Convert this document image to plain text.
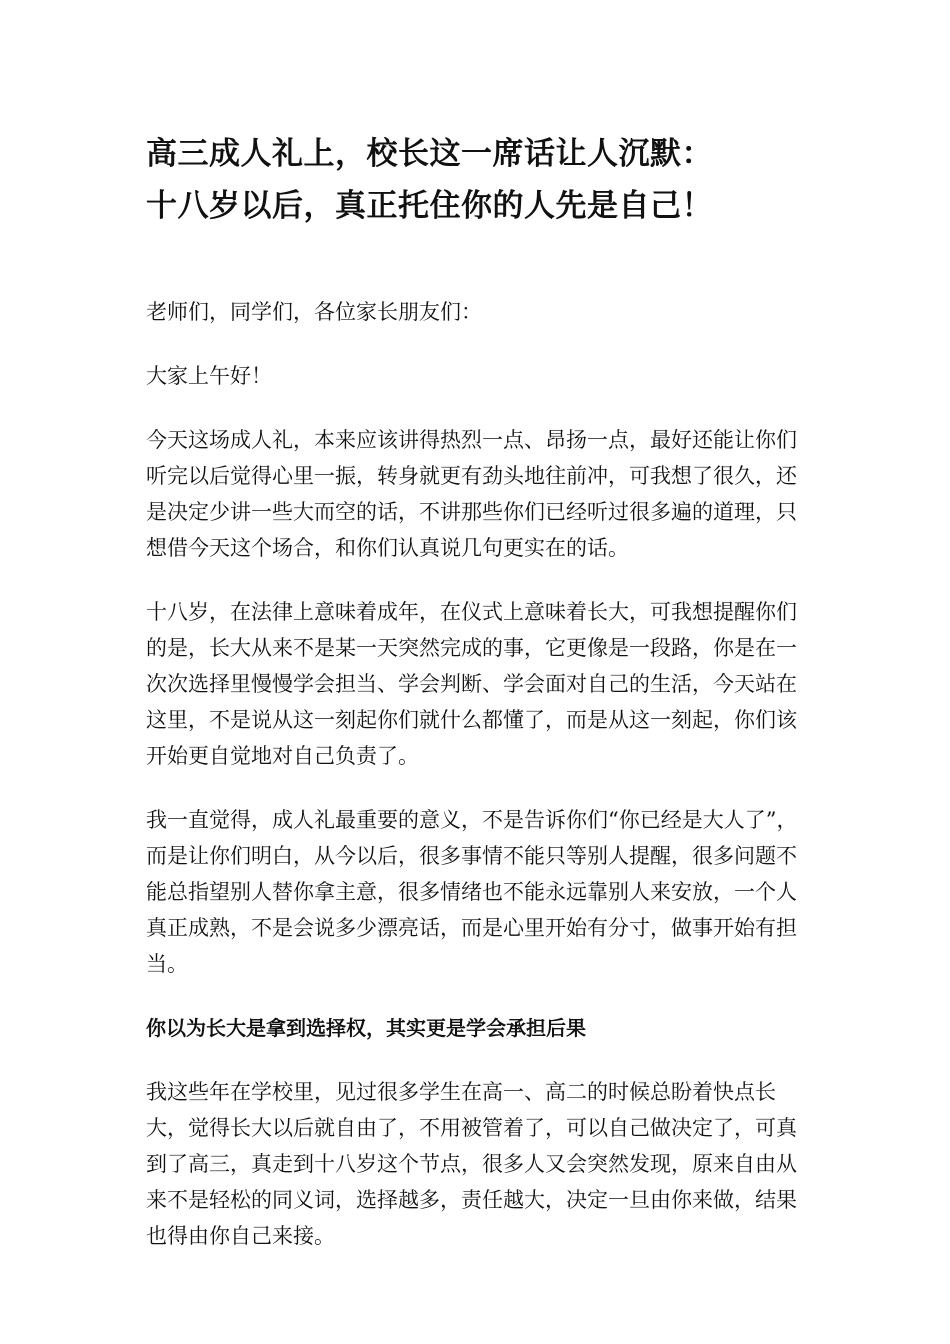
高三成人礼上，校长这一席话让人沉默：
十八岁以后，真正托住你的人先是自己！

老师们，同学们，各位家长朋友们：

大家上午好！

今天这场成人礼，本来应该讲得热烈一点、昂扬一点，最好还能让你们听完以后觉得心里一振，转身就更有劲头地往前冲，可我想了很久，还是决定少讲一些大而空的话，不讲那些你们已经听过很多遍的道理，只想借今天这个场合，和你们认真说几句更实在的话。

十八岁，在法律上意味着成年，在仪式上意味着长大，可我想提醒你们的是，长大从来不是某一天突然完成的事，它更像是一段路，你是在一次次选择里慢慢学会担当、学会判断、学会面对自己的生活，今天站在这里，不是说从这一刻起你们就什么都懂了，而是从这一刻起，你们该开始更自觉地对自己负责了。

我一直觉得，成人礼最重要的意义，不是告诉你们“你已经是大人了”，而是让你们明白，从今以后，很多事情不能只等别人提醒，很多问题不能总指望别人替你拿主意，很多情绪也不能永远靠别人来安放，一个人真正成熟，不是会说多少漂亮话，而是心里开始有分寸，做事开始有担当。

你以为长大是拿到选择权，其实更是学会承担后果

我这些年在学校里，见过很多学生在高一、高二的时候总盼着快点长大，觉得长大以后就自由了，不用被管着了，可以自己做决定了，可真到了高三，真走到十八岁这个节点，很多人又会突然发现，原来自由从来不是轻松的同义词，选择越多，责任越大，决定一旦由你来做，结果也得由你自己来接。
